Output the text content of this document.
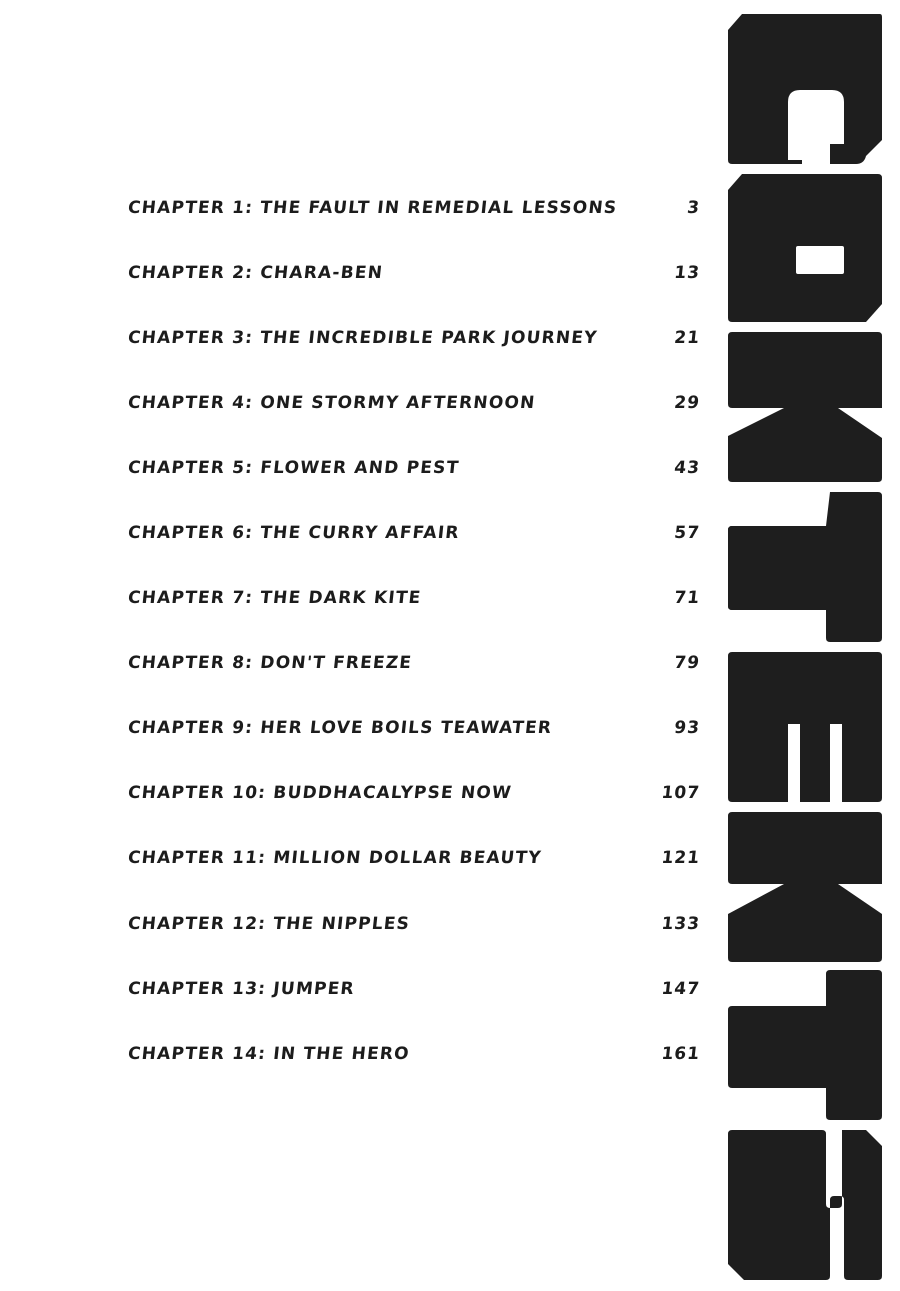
CHAPTER 1: THE FAULT IN REMEDIAL LESSONS	3
CHAPTER 2: CHARA-BEN	13
CHAPTER 3: THE INCREDIBLE PARK JOURNEY	21
CHAPTER 4: ONE STORMY AFTERNOON	29
CHAPTER 5: FLOWER AND PEST	43
CHAPTER 6: THE CURRY AFFAIR	57
CHAPTER 7: THE DARK KITE	71
CHAPTER 8: DON'T FREEZE	79
CHAPTER 9: HER LOVE BOILS TEAWATER	93
CHAPTER 10: BUDDHACALYPSE NOW	107
CHAPTER 11: MILLION DOLLAR BEAUTY	121
CHAPTER 12: THE NIPPLES	133
CHAPTER 13: JUMPER	147
CHAPTER 14: IN THE HERO	161
